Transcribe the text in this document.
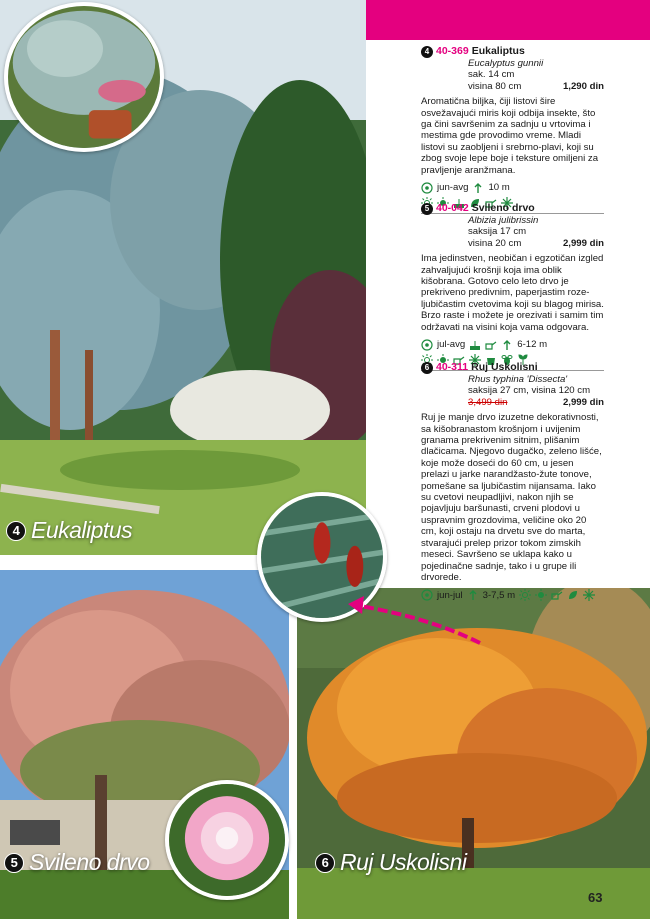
4 Eukaliptus
5 Svileno drvo	6 Ruj Uskolisni
4 40-369 Eukaliptus
Eucalyptus gunnii
sak. 14 cm
visina 80 cm	1,290 din
Aromatična biljka, čiji listovi šire osvežavajući miris koji odbija insekte, što ga čini savršenim za sadnju u vrtovima i mestima gde provodimo vreme. Mladi listovi su zaobljeni i srebrno-plavi, koji su zbog svoje lepe boje i teksture omiljeni za pravljenje aranžmana.
jun-avg 10 m
5 40-042 Svileno drvo
Albizia julibrissin
saksija 17 cm
visina 20 cm	2,999 din
Ima jedinstven, neobičan i egzotičan izgled zahvaljujući krošnji koja ima oblik kišobrana. Gotovo celo leto drvo je prekriveno predivnim, paperjastim roze-ljubičastim cvetovima koji su blagog mirisa. Brzo raste i možete je orezivati i samim tim održavati na visini koja vama odgovara.
jul-avg	6-12 m
6 40-311 Ruj Uskolisni
Rhus typhina 'Dissecta'
saksija 27 cm, visina 120 cm
3,499 din	2,999 din
Ruj je manje drvo izuzetne dekorativnosti, sa kišobranastom krošnjom i uvijenim granama prekrivenim sitnim, plišanim dlačicama. Njegovo dugačko, zeleno lišće, koje može doseći do 60 cm, u jesen prelazi u jarke narandžasto-žute tonove, pomešane sa ljubičastim nijansama. Iako su cvetovi neupadljivi, nakon njih se pojavljuju baršunasti, crveni plodovi u uspravnim grozdovima, veličine oko 20 cm, koji ostaju na drvetu sve do marta, stvarajući prelep prizor tokom zimskih meseci. Savršeno se uklapa kako u pojedinačne sadnje, tako i u grupe ili drvorede.
jun-jul 3-7,5 m
63
